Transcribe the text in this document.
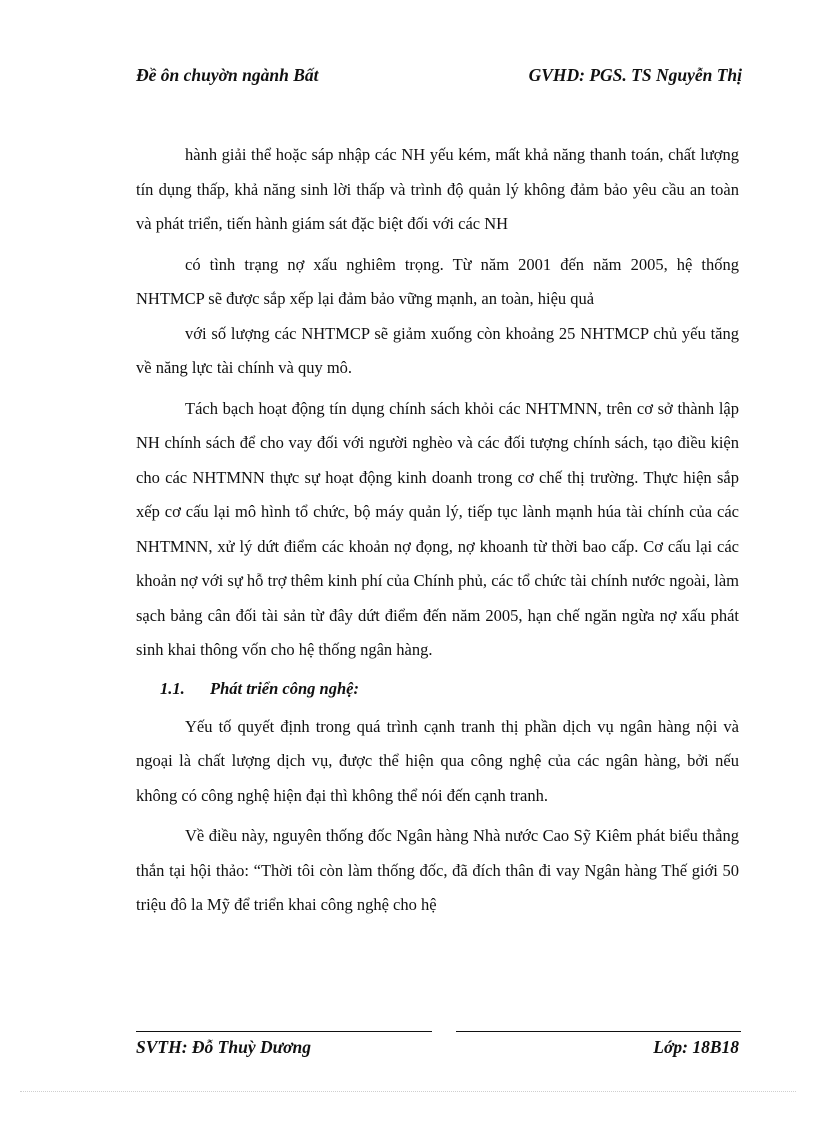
Đề ôn chuyờn ngành Bất	GVHD: PGS. TS Nguyễn Thị

hành giải thể hoặc sáp nhập các NH yếu kém, mất khả năng thanh toán, chất lượng tín dụng thấp, khả năng sinh lời thấp và trình độ quản lý không đảm bảo yêu cầu an toàn và phát triển, tiến hành giám sát đặc biệt đối với các NH

có tình trạng nợ xấu nghiêm trọng. Từ năm 2001 đến năm 2005, hệ thống NHTMCP sẽ được sắp xếp lại đảm bảo vững mạnh, an toàn, hiệu quả

với số lượng các NHTMCP sẽ giảm xuống còn khoảng 25 NHTMCP chủ yếu tăng về năng lực tài chính và quy mô.

Tách bạch hoạt động tín dụng chính sách khỏi các NHTMNN, trên cơ sở thành lập NH chính sách để cho vay đối với người nghèo và các đối tượng chính sách, tạo điều kiện cho các NHTMNN thực sự hoạt động kinh doanh trong cơ chế thị trường. Thực hiện sắp xếp cơ cấu lại mô hình tổ chức, bộ máy quản lý, tiếp tục lành mạnh húa tài chính của các NHTMNN, xử lý dứt điểm các khoản nợ đọng, nợ khoanh từ thời bao cấp. Cơ cấu lại các khoản nợ với sự hỗ trợ thêm kinh phí của Chính phủ, các tổ chức tài chính nước ngoài, làm sạch bảng cân đối tài sản từ đây dứt điểm đến năm 2005, hạn chế ngăn ngừa nợ xấu phát sinh khai thông vốn cho hệ thống ngân hàng.

1.1. Phát triển công nghệ:

Yếu tố quyết định trong quá trình cạnh tranh thị phần dịch vụ ngân hàng nội và ngoại là chất lượng dịch vụ, được thể hiện qua công nghệ của các ngân hàng, bởi nếu không có công nghệ hiện đại thì không thể nói đến cạnh tranh.

Về điều này, nguyên thống đốc Ngân hàng Nhà nước Cao Sỹ Kiêm phát biểu thẳng thắn tại hội thảo: “Thời tôi còn làm thống đốc, đã đích thân đi vay Ngân hàng Thế giới 50 triệu đô la Mỹ để triển khai công nghệ cho hệ

SVTH: Đỗ Thuỳ Dương	Lớp: 18B18
